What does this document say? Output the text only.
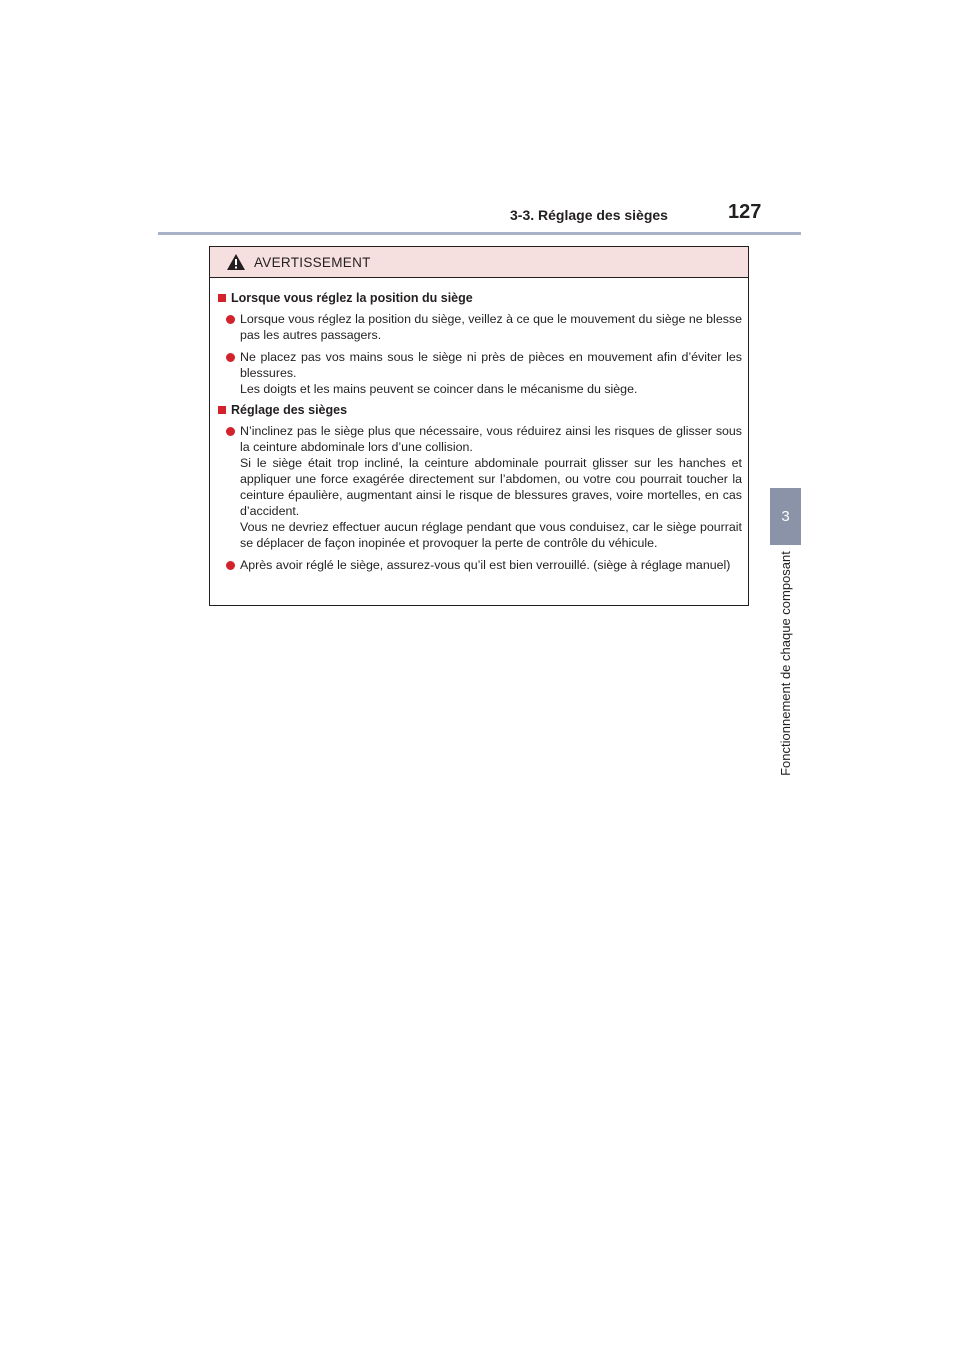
3-3. Réglage des sièges	127
3
Fonctionnement de chaque composant
AVERTISSEMENT
Lorsque vous réglez la position du siège

Lorsque vous réglez la position du siège, veillez à ce que le mouvement du siège ne blesse pas les autres passagers.

Ne placez pas vos mains sous le siège ni près de pièces en mouvement afin d’éviter les blessures.

Les doigts et les mains peuvent se coincer dans le mécanisme du siège.

Réglage des sièges

N’inclinez pas le siège plus que nécessaire, vous réduirez ainsi les risques de glisser sous la ceinture abdominale lors d’une collision.

Si le siège était trop incliné, la ceinture abdominale pourrait glisser sur les hanches et appliquer une force exagérée directement sur l’abdomen, ou votre cou pourrait toucher la ceinture épaulière, augmentant ainsi le risque de blessures graves, voire mortelles, en cas d’accident.

Vous ne devriez effectuer aucun réglage pendant que vous conduisez, car le siège pourrait se déplacer de façon inopinée et provoquer la perte de contrôle du véhicule.

Après avoir réglé le siège, assurez-vous qu’il est bien verrouillé. (siège à réglage manuel)
